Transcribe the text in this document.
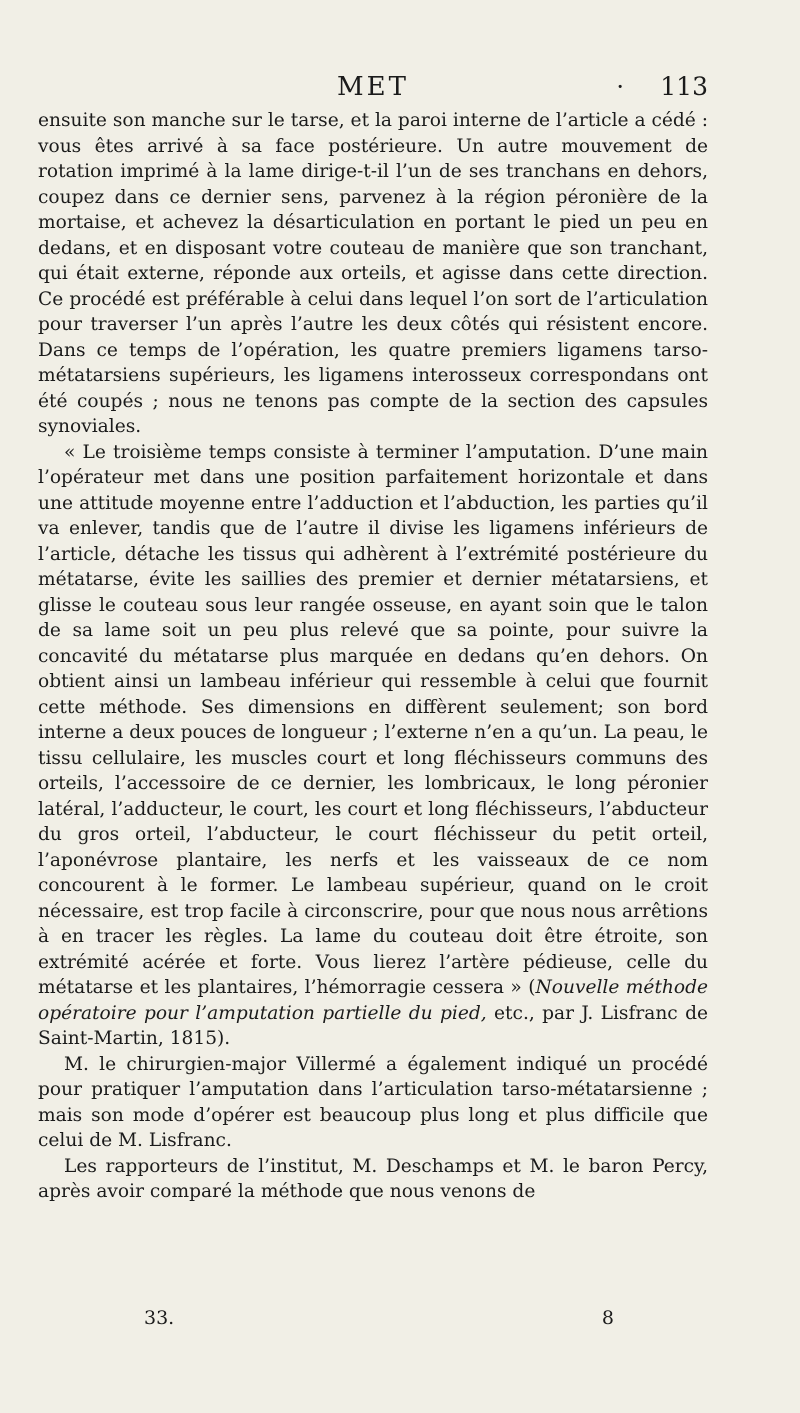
MET	· 113

ensuite son manche sur le tarse, et la paroi interne de l’article a cédé : vous êtes arrivé à sa face postérieure. Un autre mouvement de rotation imprimé à la lame dirige-t-il l’un de ses tranchans en dehors, coupez dans ce dernier sens, parvenez à la région péronière de la mortaise, et achevez la désarticulation en portant le pied un peu en dedans, et en disposant votre couteau de manière que son tranchant, qui était externe, réponde aux orteils, et agisse dans cette direction. Ce procédé est préférable à celui dans lequel l’on sort de l’articulation pour traverser l’un après l’autre les deux côtés qui résistent encore. Dans ce temps de l’opération, les quatre premiers ligamens tarso-métatarsiens supérieurs, les ligamens interosseux correspondans ont été coupés ; nous ne tenons pas compte de la section des capsules synoviales.

« Le troisième temps consiste à terminer l’amputation. D’une main l’opérateur met dans une position parfaitement horizontale et dans une attitude moyenne entre l’adduction et l’abduction, les parties qu’il va enlever, tandis que de l’autre il divise les ligamens inférieurs de l’article, détache les tissus qui adhèrent à l’extrémité postérieure du métatarse, évite les saillies des premier et dernier métatarsiens, et glisse le couteau sous leur rangée osseuse, en ayant soin que le talon de sa lame soit un peu plus relevé que sa pointe, pour suivre la concavité du métatarse plus marquée en dedans qu’en dehors. On obtient ainsi un lambeau inférieur qui ressemble à celui que fournit cette méthode. Ses dimensions en diffèrent seulement; son bord interne a deux pouces de longueur ; l’externe n’en a qu’un. La peau, le tissu cellulaire, les muscles court et long fléchisseurs communs des orteils, l’accessoire de ce dernier, les lombricaux, le long péronier latéral, l’adducteur, le court, les court et long fléchisseurs, l’abducteur du gros orteil, l’abducteur, le court fléchisseur du petit orteil, l’aponévrose plantaire, les nerfs et les vaisseaux de ce nom concourent à le former. Le lambeau supérieur, quand on le croit nécessaire, est trop facile à circonscrire, pour que nous nous arrêtions à en tracer les règles. La lame du couteau doit être étroite, son extrémité acérée et forte. Vous lierez l’artère pédieuse, celle du métatarse et les plantaires, l’hémorragie cessera » (Nouvelle méthode opératoire pour l’amputation partielle du pied, etc., par J. Lisfranc de Saint-Martin, 1815).

M. le chirurgien-major Villermé a également indiqué un procédé pour pratiquer l’amputation dans l’articulation tarso-métatarsienne ; mais son mode d’opérer est beaucoup plus long et plus difficile que celui de M. Lisfranc.

Les rapporteurs de l’institut, M. Deschamps et M. le baron Percy, après avoir comparé la méthode que nous venons de

33.	8
